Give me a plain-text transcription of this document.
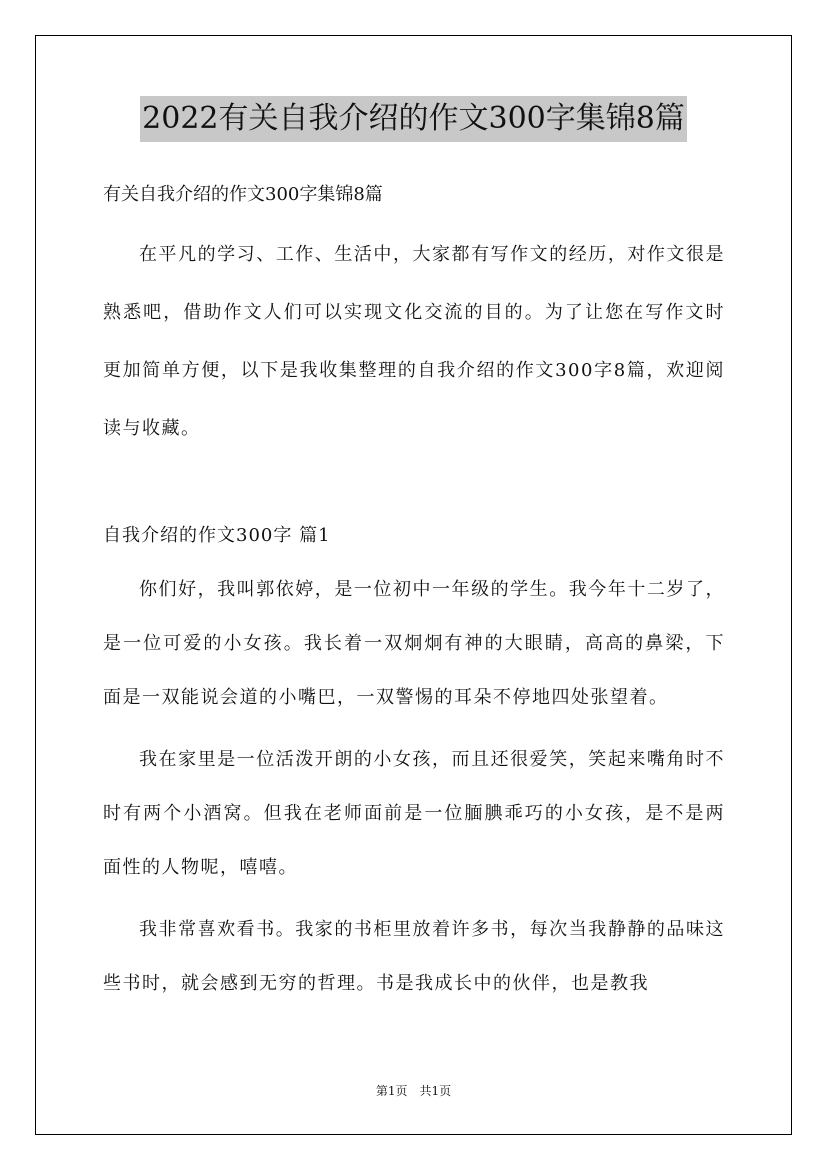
2022有关自我介绍的作文300字集锦8篇

有关自我介绍的作文300字集锦8篇

在平凡的学习、工作、生活中，大家都有写作文的经历，对作文很是熟悉吧，借助作文人们可以实现文化交流的目的。为了让您在写作文时更加简单方便，以下是我收集整理的自我介绍的作文300字8篇，欢迎阅读与收藏。

自我介绍的作文300字 篇1

你们好，我叫郭依婷，是一位初中一年级的学生。我今年十二岁了，是一位可爱的小女孩。我长着一双炯炯有神的大眼睛，高高的鼻梁，下面是一双能说会道的小嘴巴，一双警惕的耳朵不停地四处张望着。

我在家里是一位活泼开朗的小女孩，而且还很爱笑，笑起来嘴角时不时有两个小酒窝。但我在老师面前是一位腼腆乖巧的小女孩，是不是两面性的人物呢，嘻嘻。

我非常喜欢看书。我家的书柜里放着许多书，每次当我静静的品味这些书时，就会感到无穷的哲理。书是我成长中的伙伴，也是教我

第1页 共1页
